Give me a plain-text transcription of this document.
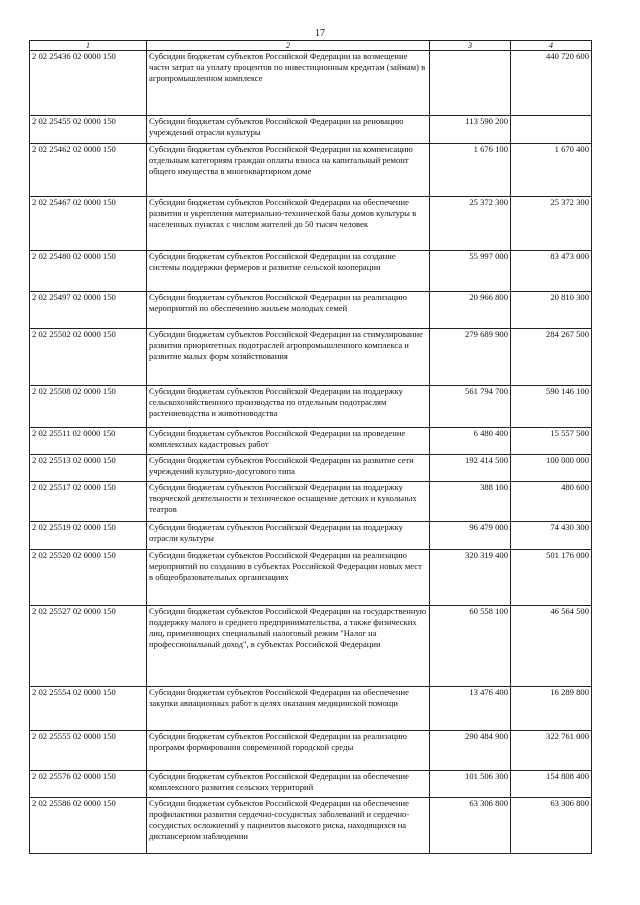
17
1	2	3	4
2 02 25436 02 0000 150	Субсидии бюджетам субъектов Российской Федерации на возмещение части затрат на уплату процентов по инвестиционным кредитам (займам) в агропромышленном комплексе		440 720 600
2 02 25455 02 0000 150	Субсидии бюджетам субъектов Российской Федерации на реновацию учреждений отрасли культуры	113 590 200	
2 02 25462 02 0000 150	Субсидии бюджетам субъектов Российской Федерации на компенсацию отдельным категориям граждан оплаты взноса на капитальный ремонт общего имущества в многоквартирном доме	1 676 100	1 670 400
2 02 25467 02 0000 150	Субсидии бюджетам субъектов Российской Федерации на обеспечение развития и укрепления материально-технической базы домов культуры в населенных пунктах с числом жителей до 50 тысяч человек	25 372 300	25 372 300
2 02 25480 02 0000 150	Субсидии бюджетам субъектов Российской Федерации на создание системы поддержки фермеров и развитие сельской кооперации	55 997 000	83 473 000
2 02 25497 02 0000 150	Субсидии бюджетам субъектов Российской Федерации на реализацию мероприятий по обеспечению жильем молодых семей	20 966 800	20 810 300
2 02 25502 02 0000 150	Субсидии бюджетам субъектов Российской Федерации на стимулирование развития приоритетных подотраслей агропромышленного комплекса и развитие малых форм хозяйствования	279 689 900	284 267 500
2 02 25508 02 0000 150	Субсидии бюджетам субъектов Российской Федерации на поддержку сельскохозяйственного производства по отдельным подотраслям растениеводства и животноводства	561 794 700	590 146 100
2 02 25511 02 0000 150	Субсидии бюджетам субъектов Российской Федерации на проведение комплексных кадастровых работ	6 480 400	15 557 500
2 02 25513 02 0000 150	Субсидии бюджетам субъектов Российской Федерации на развитие сети учреждений культурно-досугового типа	192 414 500	100 000 000
2 02 25517 02 0000 150	Субсидии бюджетам субъектов Российской Федерации на поддержку творческой деятельности и техническое оснащение детских и кукольных театров	388 100	480 600
2 02 25519 02 0000 150	Субсидии бюджетам субъектов Российской Федерации на поддержку отрасли культуры	96 479 000	74 430 300
2 02 25520 02 0000 150	Субсидии бюджетам субъектов Российской Федерации на реализацию мероприятий по созданию в субъектах Российской Федерации новых мест в общеобразовательных организациях	320 319 400	501 176 000
2 02 25527 02 0000 150	Субсидии бюджетам субъектов Российской Федерации на государственную поддержку малого и среднего предпринимательства, а также физических лиц, применяющих специальный налоговый режим "Налог на профессиональный доход", в субъектах Российской Федерации	60 558 100	46 564 500
2 02 25554 02 0000 150	Субсидии бюджетам субъектов Российской Федерации на обеспечение закупки авиационных работ в целях оказания медицинской помощи	13 476 400	16 289 800
2 02 25555 02 0000 150	Субсидии бюджетам субъектов Российской Федерации на реализацию программ формирования современной городской среды	290 484 900	322 761 000
2 02 25576 02 0000 150	Субсидии бюджетам субъектов Российской Федерации на обеспечение комплексного развития сельских территорий	101 506 300	154 808 400
2 02 25586 02 0000 150	Субсидии бюджетам субъектов Российской Федерации на обеспечение профилактики развития сердечно-сосудистых заболеваний и сердечно-сосудистых осложнений у пациентов высокого риска, находящихся на диспансерном наблюдении	63 306 800	63 306 800
